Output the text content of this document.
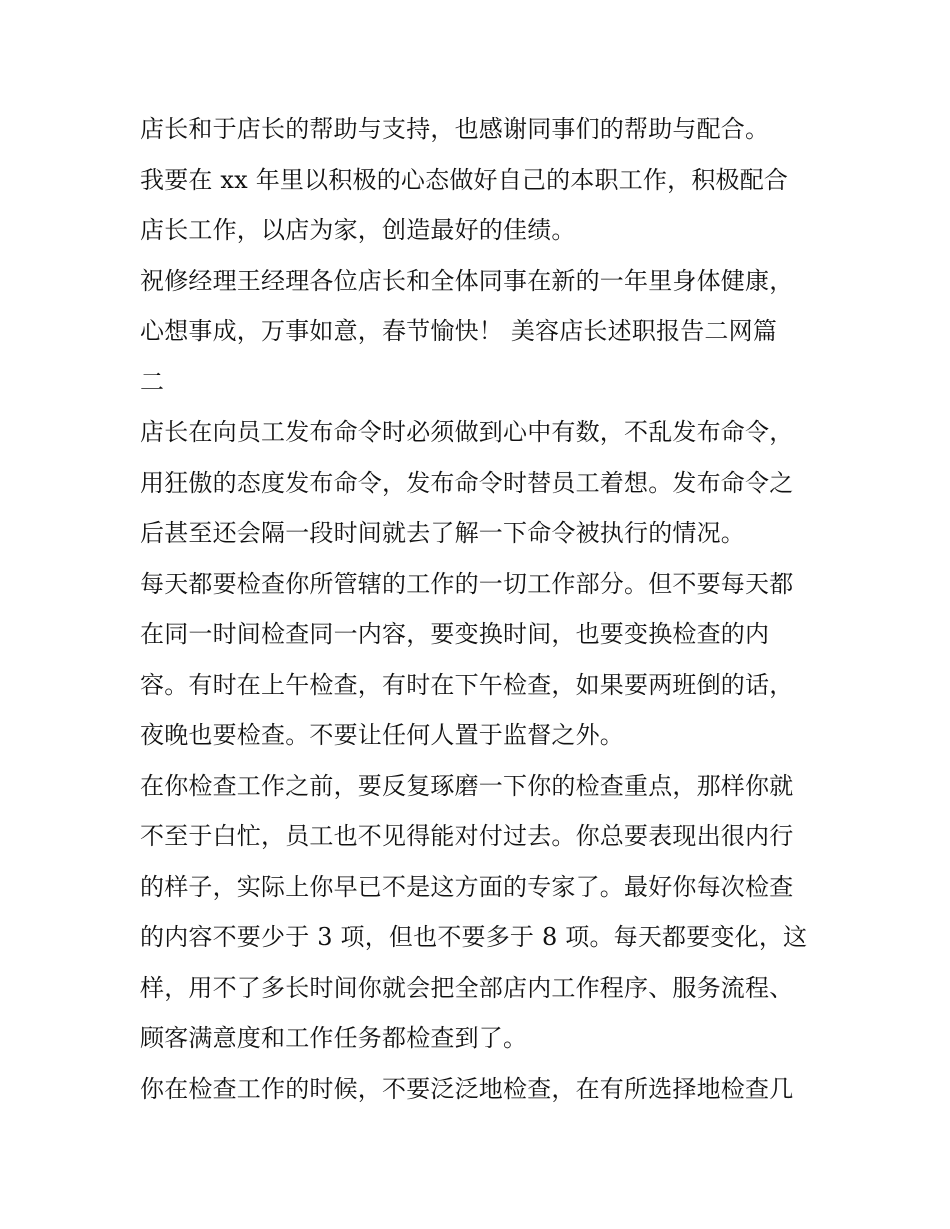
店长和于店长的帮助与支持，也感谢同事们的帮助与配合。
我要在 xx 年里以积极的心态做好自己的本职工作，积极配合
店长工作，以店为家，创造最好的佳绩。
祝修经理王经理各位店长和全体同事在新的一年里身体健康，
心想事成，万事如意，春节愉快！ 美容店长述职报告二网篇
二
店长在向员工发布命令时必须做到心中有数，不乱发布命令，
用狂傲的态度发布命令，发布命令时替员工着想。发布命令之
后甚至还会隔一段时间就去了解一下命令被执行的情况。
每天都要检查你所管辖的工作的一切工作部分。但不要每天都
在同一时间检查同一内容，要变换时间，也要变换检查的内
容。有时在上午检查，有时在下午检查，如果要两班倒的话，
夜晚也要检查。不要让任何人置于监督之外。
在你检查工作之前，要反复琢磨一下你的检查重点，那样你就
不至于白忙，员工也不见得能对付过去。你总要表现出很内行
的样子，实际上你早已不是这方面的专家了。最好你每次检查
的内容不要少于 3 项，但也不要多于 8 项。每天都要变化，这
样，用不了多长时间你就会把全部店内工作程序、服务流程、
顾客满意度和工作任务都检查到了。
你在检查工作的时候，不要泛泛地检查，在有所选择地检查几
